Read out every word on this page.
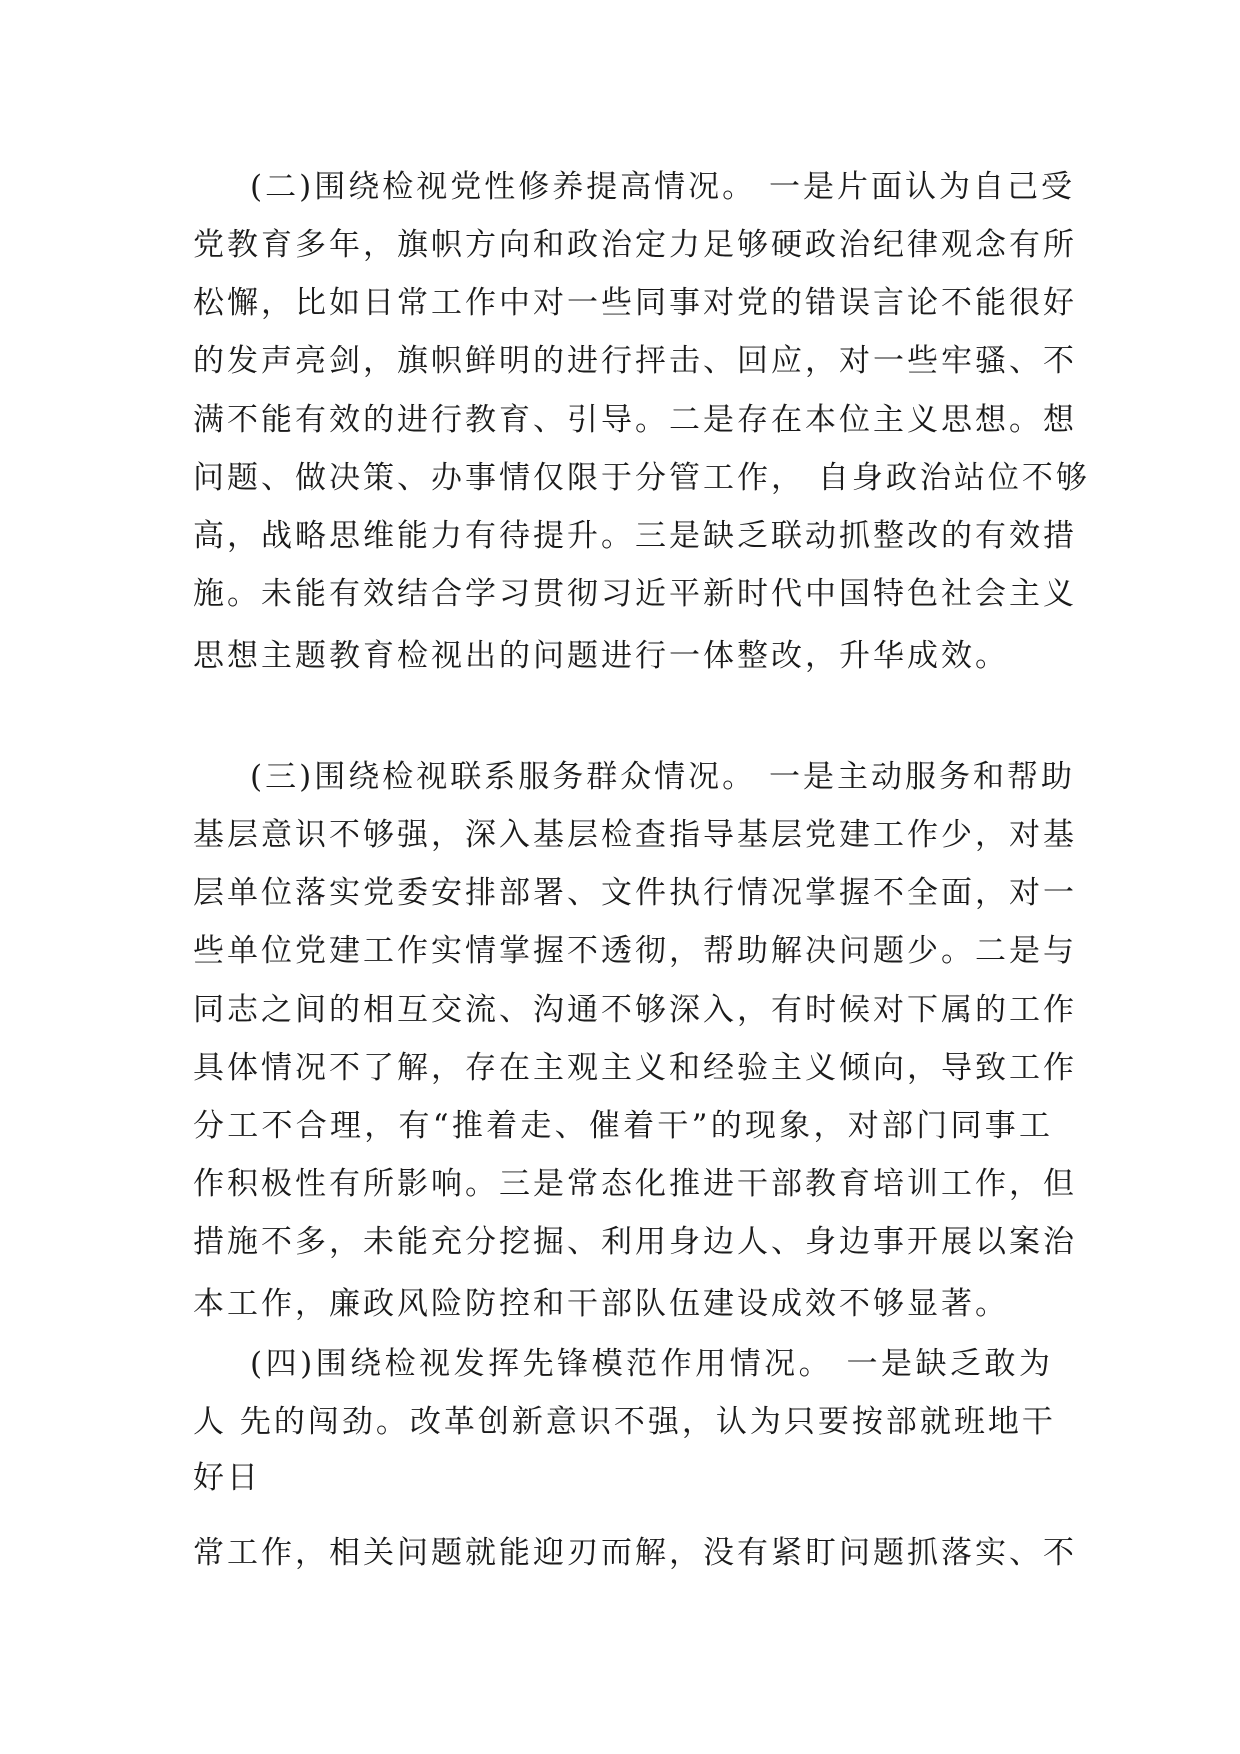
(二)围绕检视党性修养提高情况。 一是片面认为自己受
党教育多年，旗帜方向和政治定力足够硬政治纪律观念有所
松懈，比如日常工作中对一些同事对党的错误言论不能很好
的发声亮剑，旗帜鲜明的进行抨击、回应，对一些牢骚、不
满不能有效的进行教育、引导。二是存在本位主义思想。想
问题、做决策、办事情仅限于分管工作， 自身政治站位不够
高，战略思维能力有待提升。三是缺乏联动抓整改的有效措
施。未能有效结合学习贯彻习近平新时代中国特色社会主义
思想主题教育检视出的问题进行一体整改，升华成效。
(三)围绕检视联系服务群众情况。 一是主动服务和帮助
基层意识不够强，深入基层检查指导基层党建工作少，对基
层单位落实党委安排部署、文件执行情况掌握不全面，对一
些单位党建工作实情掌握不透彻，帮助解决问题少。二是与
同志之间的相互交流、沟通不够深入，有时候对下属的工作
具体情况不了解，存在主观主义和经验主义倾向，导致工作
分工不合理，有“推着走、催着干”的现象，对部门同事工
作积极性有所影响。三是常态化推进干部教育培训工作，但
措施不多，未能充分挖掘、利用身边人、身边事开展以案治
本工作，廉政风险防控和干部队伍建设成效不够显著。
(四)围绕检视发挥先锋模范作用情况。 一是缺乏敢为
人 先的闯劲。改革创新意识不强，认为只要按部就班地干
好日
常工作，相关问题就能迎刃而解，没有紧盯问题抓落实、不
